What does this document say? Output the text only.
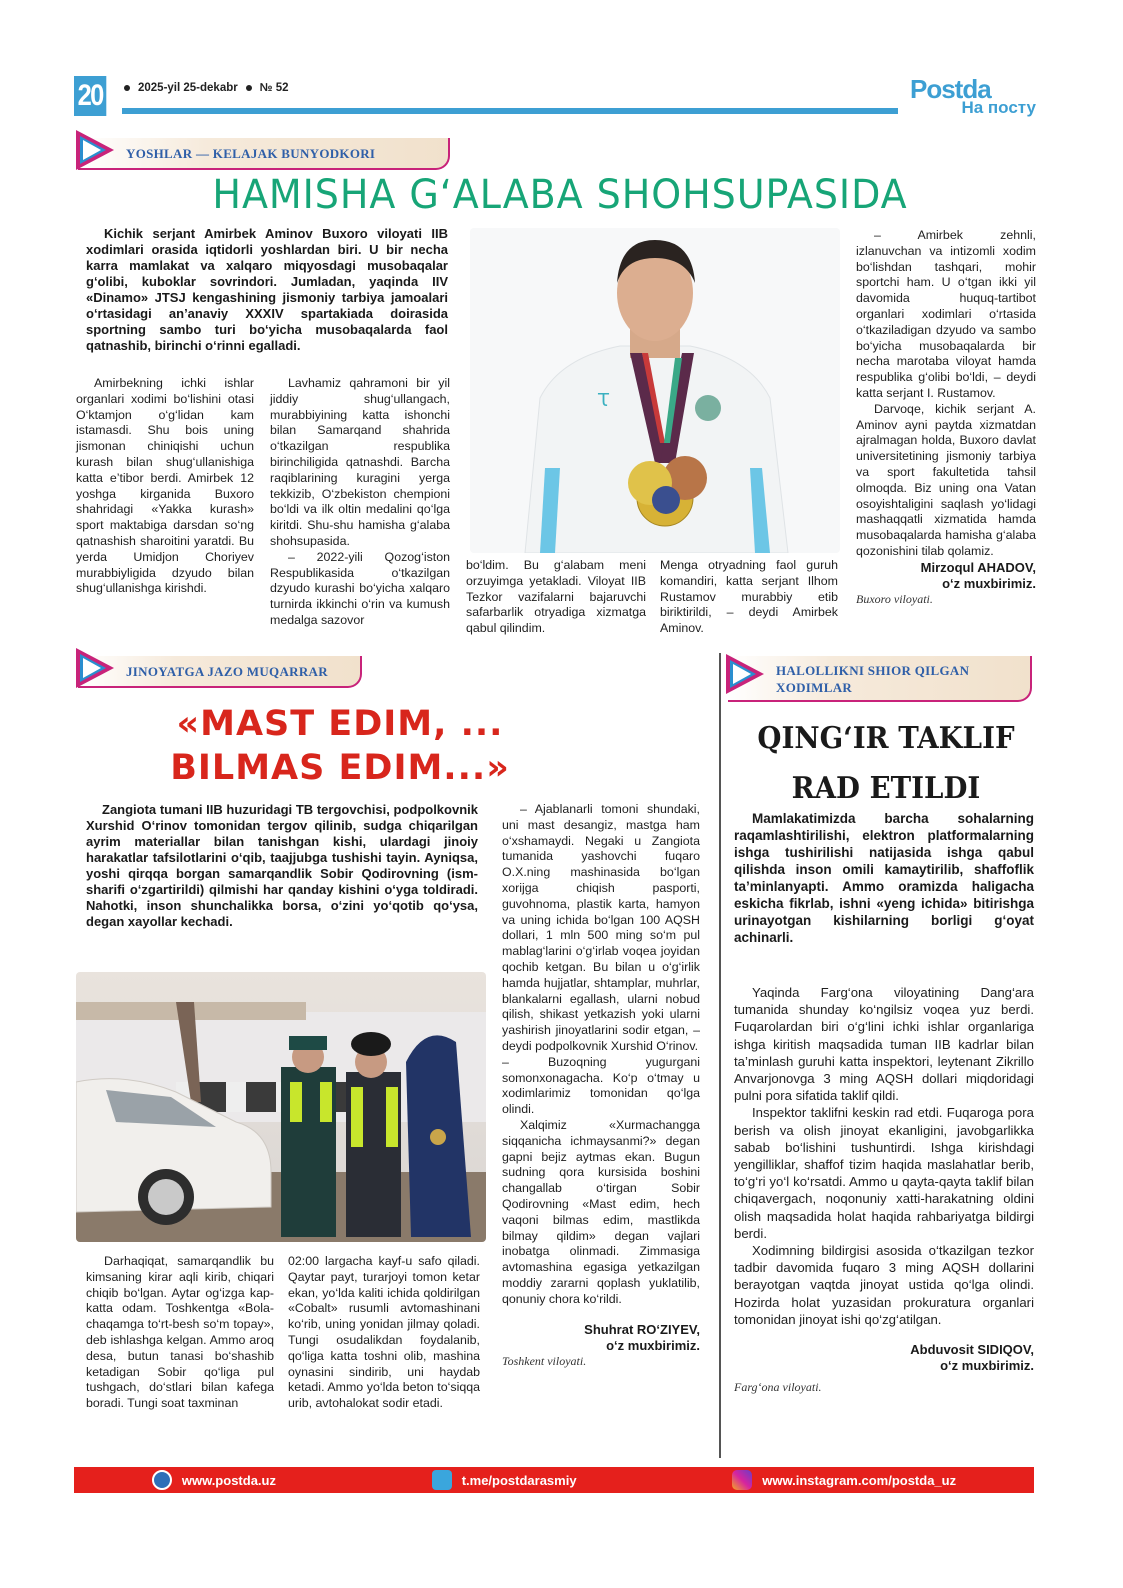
20	2025-yil 25-dekabr № 52	Postda
На посту
YOSHLAR — KELAJAK BUNYODKORI
HAMISHA G‘ALABA SHOHSUPASIDA
Kichik serjant Amirbek Aminov Buxoro viloyati IIB xodimlari orasida iqtidorli yoshlardan biri. U bir necha karra mamlakat va xalqaro miqyosdagi musobaqalar g‘olibi, kuboklar sovrindori. Jumladan, yaqinda IIV «Dinamo» JTSJ kengashining jismoniy tarbiya jamoalari o‘rtasidagi an’anaviy XXXIV spartakiada doirasida sportning sambo turi bo‘yicha musobaqalarda faol qatnashib, birinchi o‘rinni egalladi.
Amirbekning ichki ishlar organlari xodimi bo‘lishini otasi O‘ktamjon o‘g‘lidan kam istamasdi. Shu bois uning jismonan chiniqishi uchun kurash bilan shug‘ullanishiga katta e’tibor berdi. Amirbek 12 yoshga kirganida Buxoro shahridagi «Yakka kurash» sport maktabiga darsdan so‘ng qatnashish sharoitini yaratdi. Bu yerda Umidjon Choriyev murabbiyligida dzyudo bilan shug‘ullanishga kirishdi.
Lavhamiz qahramoni bir yil jiddiy shug‘ullangach, murabbiyining katta ishonchi bilan Samarqand shahrida o‘tkazilgan respublika birinchiligida qatnashdi. Barcha raqiblarining kuragini yerga tekkizib, O‘zbekiston chempioni bo‘ldi va ilk oltin medalini qo‘lga kiritdi. Shu-shu hamisha g‘alaba shohsupasida.
– 2022-yili Qozog‘iston Respublikasida o‘tkazilgan dzyudo kurashi bo‘yicha xalqaro turnirda ikkinchi o‘rin va kumush medalga sazovor
Ꚍ
bo‘ldim. Bu g‘alabam meni orzuyimga yetakladi. Viloyat IIB Tezkor vazifalarni bajaruvchi safarbarlik otryadiga xizmatga qabul qilindim.
Menga otryadning faol guruh komandiri, katta serjant Ilhom Rustamov murabbiy etib biriktirildi, – deydi Amirbek Aminov.
– Amirbek zehnli, izlanuvchan va intizomli xodim bo‘lishdan tashqari, mohir sportchi ham. U o‘tgan ikki yil davomida huquq-tartibot organlari xodimlari o‘rtasida o‘tkaziladigan dzyudo va sambo bo‘yicha musobaqalarda bir necha marotaba viloyat hamda respublika g‘olibi bo‘ldi, – deydi katta serjant I. Rustamov.
Darvoqe, kichik serjant A. Aminov ayni paytda xizmatdan ajralmagan holda, Buxoro davlat universitetining jismoniy tarbiya va sport fakultetida tahsil olmoqda. Biz uning ona Vatan osoyishtaligini saqlash yo‘lidagi mashaqqatli xizmatida hamda musobaqalarda hamisha g‘alaba qozonishini tilab qolamiz.
Mirzoqul AHADOV,
o‘z muxbirimiz.
Buxoro viloyati.
JINOYATGA JAZO MUQARRAR
«MAST EDIM, ...
BILMAS EDIM...»
Zangiota tumani IIB huzuridagi TB tergovchisi, podpolkovnik Xurshid O‘rinov tomonidan tergov qilinib, sudga chiqarilgan ayrim materiallar bilan tanishgan kishi, ulardagi jinoiy harakatlar tafsilotlarini o‘qib, taajjubga tushishi tayin. Ayniqsa, yoshi qirqqa borgan samarqandlik Sobir Qodirovning (ism-sharifi o‘zgartirildi) qilmishi har qanday kishini o‘yga toldiradi. Nahotki, inson shunchalikka borsa, o‘zini yo‘qotib qo‘ysa, degan xayollar kechadi.
Darhaqiqat, samarqandlik bu kimsaning kirar aqli kirib, chiqari chiqib bo‘lgan. Aytar og‘izga kap-katta odam. Toshkentga «Bola-chaqamga to‘rt-besh so‘m topay», deb ishlashga kelgan. Ammo aroq desa, butun tanasi bo‘shashib ketadigan Sobir qo‘liga pul tushgach, do‘stlari bilan kafega boradi. Tungi soat taxminan
02:00 largacha kayf-u safo qiladi. Qaytar payt, turarjoyi tomon ketar ekan, yo‘lda kaliti ichida qoldirilgan «Cobalt» rusumli avtomashinani ko‘rib, uning yonidan jilmay qoladi. Tungi osudalikdan foydalanib, qo‘liga katta toshni olib, mashina oynasini sindirib, uni haydab ketadi. Ammo yo‘lda beton to‘siqqa urib, avtohalokat sodir etadi.
– Ajablanarli tomoni shundaki, uni mast desangiz, mastga ham o‘xshamaydi. Negaki u Zangiota tumanida yashovchi fuqaro O.X.ning mashinasida bo‘lgan xorijga chiqish pasporti, guvohnoma, plastik karta, hamyon va uning ichida bo‘lgan 100 AQSH dollari, 1 mln 500 ming so‘m pul mablag‘larini o‘g‘irlab voqea joyidan qochib ketgan. Bu bilan u o‘g‘irlik hamda hujjatlar, shtamplar, muhrlar, blankalarni egallash, ularni nobud qilish, shikast yetkazish yoki ularni yashirish jinoyatlarini sodir etgan, – deydi podpolkovnik Xurshid O‘rinov.
– Buzoqning yugurgani somonxonagacha. Ko‘p o‘tmay u xodimlarimiz tomonidan qo‘lga olindi.
Xalqimiz «Xurmachangga siqqanicha ichmaysanmi?» degan gapni bejiz aytmas ekan. Bugun sudning qora kursisida boshini changallab o‘tirgan Sobir Qodirovning «Mast edim, hech vaqoni bilmas edim, mastlikda bilmay qildim» degan vajlari inobatga olinmadi. Zimmasiga avtomashina egasiga yetkazilgan moddiy zararni qoplash yuklatilib, qonuniy chora ko‘rildi.
Shuhrat RO‘ZIYEV,
o‘z muxbirimiz.
Toshkent viloyati.
HALOLLIKNI SHIOR QILGAN
XODIMLAR
QING‘IR TAKLIF
RAD ETILDI
Mamlakatimizda barcha sohalarning raqamlashtirilishi, elektron platformalarning ishga tushirilishi natijasida ishga qabul qilishda inson omili kamaytirilib, shaffoflik ta’minlanyapti. Ammo oramizda haligacha eskicha fikrlab, ishni «yeng ichida» bitirishga urinayotgan kishilarning borligi g‘oyat achinarli.
Yaqinda Farg‘ona viloyatining Dang‘ara tumanida shunday ko‘ngilsiz voqea yuz berdi. Fuqarolardan biri o‘g‘lini ichki ishlar organlariga ishga kiritish maqsadida tuman IIB kadrlar bilan ta’minlash guruhi katta inspektori, leytenant Zikrillo Anvarjonovga 3 ming AQSH dollari miqdoridagi pulni pora sifatida taklif qildi.
Inspektor taklifni keskin rad etdi. Fuqaroga pora berish va olish jinoyat ekanligini, javobgarlikka sabab bo‘lishini tushuntirdi. Ishga kirishdagi yengilliklar, shaffof tizim haqida maslahatlar berib, to‘g‘ri yo‘l ko‘rsatdi. Ammo u qayta-qayta taklif bilan chiqavergach, noqonuniy xatti-harakatning oldini olish maqsadida holat haqida rahbariyatga bildirgi berdi.
Xodimning bildirgisi asosida o‘tkazilgan tezkor tadbir davomida fuqaro 3 ming AQSH dollarini berayotgan vaqtda jinoyat ustida qo‘lga olindi. Hozirda holat yuzasidan prokuratura organlari tomonidan jinoyat ishi qo‘zg‘atilgan.
Abduvosit SIDIQOV,
o‘z muxbirimiz.
Farg‘ona viloyati.
www.postda.uz	t.me/postdarasmiy	www.instagram.com/postda_uz
